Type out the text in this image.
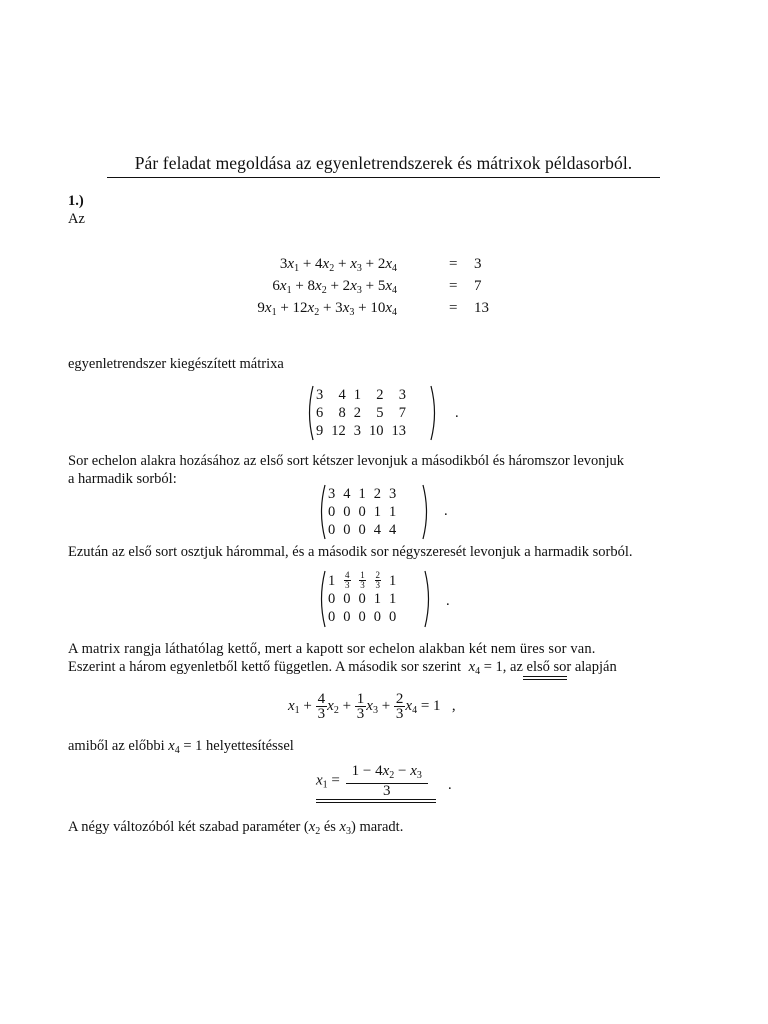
Pár feladat megoldása az egyenletrendszerek és mátrixok példasorból.
1.)
Az
$3x_1 + 4x_2 + x_3 + 2x_4$	= 3
$6x_1 + 8x_2 + 2x_3 + 5x_4$	= 7
$9x_1 + 12x_2 + 3x_3 + 10x_4$	= 13
egyenletrendszer kiegészített mátrixa
3	4	1	2	3
6	8	2	5	7
9	12	3	10	13
.
Sor echelon alakra hozásához az első sort kétszer levonjuk a másodikból és háromszor levonjuk
a harmadik sorból:
3	4	1	2	3
0	0	0	1	1
0	0	0	4	4
.
Ezután az első sort osztjuk hárommal, és a második sor négyszeresét levonjuk a harmadik sorból.
1	$\frac{4}{3}$	$\frac{1}{3}$	$\frac{2}{3}$	1
0	0	0	1	1
0	0	0	0	0
.
A matrix rangja láthatólag kettő, mert a kapott sor echelon alakban két nem üres sor van.
Eszerint a három egyenletből kettő független. A második sor szerint $x_4 = 1$, az első sor alapján
$x_1 + \frac{4}{3} x_2 + \frac{1}{3} x_3 + \frac{2}{3} x_4 = 1$   ,
amiből az előbbi $x_4 = 1$ helyettesítéssel
$x_1 = \frac{1 - 4x_2 - x_3}{3}$ .
A négy változóból két szabad paraméter ($x_2$ és $x_3$) maradt.
